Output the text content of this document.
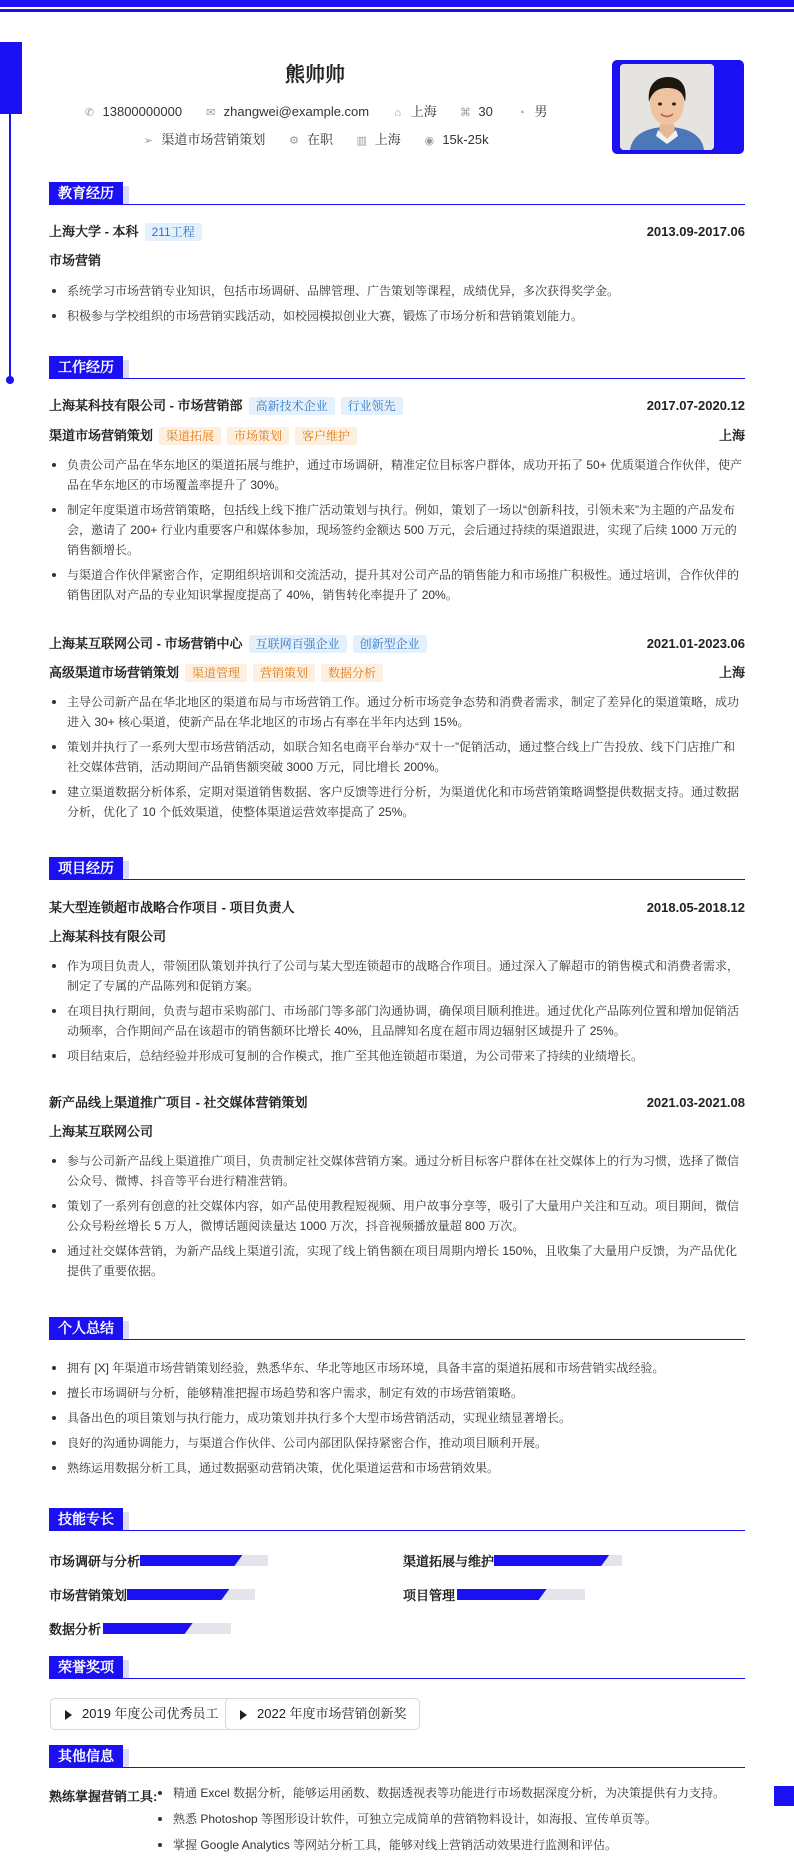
熊帅帅
✆ 13800000000 ✉ zhangwei@example.com ⌂ 上海 ⌘ 30 ◔ 男
➢ 渠道市场营销策划 ⚙ 在职 ▥ 上海 ◉ 15k-25k
教育经历
上海大学 - 本科 211工程	2013.09-2017.06
市场营销
系统学习市场营销专业知识，包括市场调研、品牌管理、广告策划等课程，成绩优异，多次获得奖学金。
积极参与学校组织的市场营销实践活动，如校园模拟创业大赛，锻炼了市场分析和营销策划能力。
工作经历
上海某科技有限公司 - 市场营销部 高新技术企业 行业领先	2017.07-2020.12
渠道市场营销策划 渠道拓展 市场策划 客户维护	上海
负责公司产品在华东地区的渠道拓展与维护，通过市场调研，精准定位目标客户群体，成功开拓了 50+ 优质渠道合作伙伴，使产品在华东地区的市场覆盖率提升了 30%。
制定年度渠道市场营销策略，包括线上线下推广活动策划与执行。例如，策划了一场以“创新科技，引领未来”为主题的产品发布会，邀请了 200+ 行业内重要客户和媒体参加，现场签约金额达 500 万元，会后通过持续的渠道跟进，实现了后续 1000 万元的销售额增长。
与渠道合作伙伴紧密合作，定期组织培训和交流活动，提升其对公司产品的销售能力和市场推广积极性。通过培训，合作伙伴的销售团队对产品的专业知识掌握度提高了 40%，销售转化率提升了 20%。
上海某互联网公司 - 市场营销中心 互联网百强企业 创新型企业	2021.01-2023.06
高级渠道市场营销策划 渠道管理 营销策划 数据分析	上海
主导公司新产品在华北地区的渠道布局与市场营销工作。通过分析市场竞争态势和消费者需求，制定了差异化的渠道策略，成功进入 30+ 核心渠道，使新产品在华北地区的市场占有率在半年内达到 15%。
策划并执行了一系列大型市场营销活动，如联合知名电商平台举办“双十一”促销活动，通过整合线上广告投放、线下门店推广和社交媒体营销，活动期间产品销售额突破 3000 万元，同比增长 200%。
建立渠道数据分析体系，定期对渠道销售数据、客户反馈等进行分析，为渠道优化和市场营销策略调整提供数据支持。通过数据分析，优化了 10 个低效渠道，使整体渠道运营效率提高了 25%。
项目经历
某大型连锁超市战略合作项目 - 项目负责人	2018.05-2018.12
上海某科技有限公司
作为项目负责人，带领团队策划并执行了公司与某大型连锁超市的战略合作项目。通过深入了解超市的销售模式和消费者需求，制定了专属的产品陈列和促销方案。
在项目执行期间，负责与超市采购部门、市场部门等多部门沟通协调，确保项目顺利推进。通过优化产品陈列位置和增加促销活动频率，合作期间产品在该超市的销售额环比增长 40%，且品牌知名度在超市周边辐射区域提升了 25%。
项目结束后，总结经验并形成可复制的合作模式，推广至其他连锁超市渠道，为公司带来了持续的业绩增长。
新产品线上渠道推广项目 - 社交媒体营销策划	2021.03-2021.08
上海某互联网公司
参与公司新产品线上渠道推广项目，负责制定社交媒体营销方案。通过分析目标客户群体在社交媒体上的行为习惯，选择了微信公众号、微博、抖音等平台进行精准营销。
策划了一系列有创意的社交媒体内容，如产品使用教程短视频、用户故事分享等，吸引了大量用户关注和互动。项目期间，微信公众号粉丝增长 5 万人，微博话题阅读量达 1000 万次，抖音视频播放量超 800 万次。
通过社交媒体营销，为新产品线上渠道引流，实现了线上销售额在项目周期内增长 150%，且收集了大量用户反馈，为产品优化提供了重要依据。
个人总结
拥有 [X] 年渠道市场营销策划经验，熟悉华东、华北等地区市场环境，具备丰富的渠道拓展和市场营销实战经验。
擅长市场调研与分析，能够精准把握市场趋势和客户需求，制定有效的市场营销策略。
具备出色的项目策划与执行能力，成功策划并执行多个大型市场营销活动，实现业绩显著增长。
良好的沟通协调能力，与渠道合作伙伴、公司内部团队保持紧密合作，推动项目顺利开展。
熟练运用数据分析工具，通过数据驱动营销决策，优化渠道运营和市场营销效果。
技能专长
市场调研与分析	渠道拓展与维护
市场营销策划	项目管理
数据分析
荣誉奖项
2019 年度公司优秀员工	2022 年度市场营销创新奖
其他信息
熟练掌握营销工具:	精通 Excel 数据分析，能够运用函数、数据透视表等功能进行市场数据深度分析，为决策提供有力支持。
熟悉 Photoshop 等图形设计软件，可独立完成简单的营销物料设计，如海报、宣传单页等。
掌握 Google Analytics 等网站分析工具，能够对线上营销活动效果进行监测和评估。
